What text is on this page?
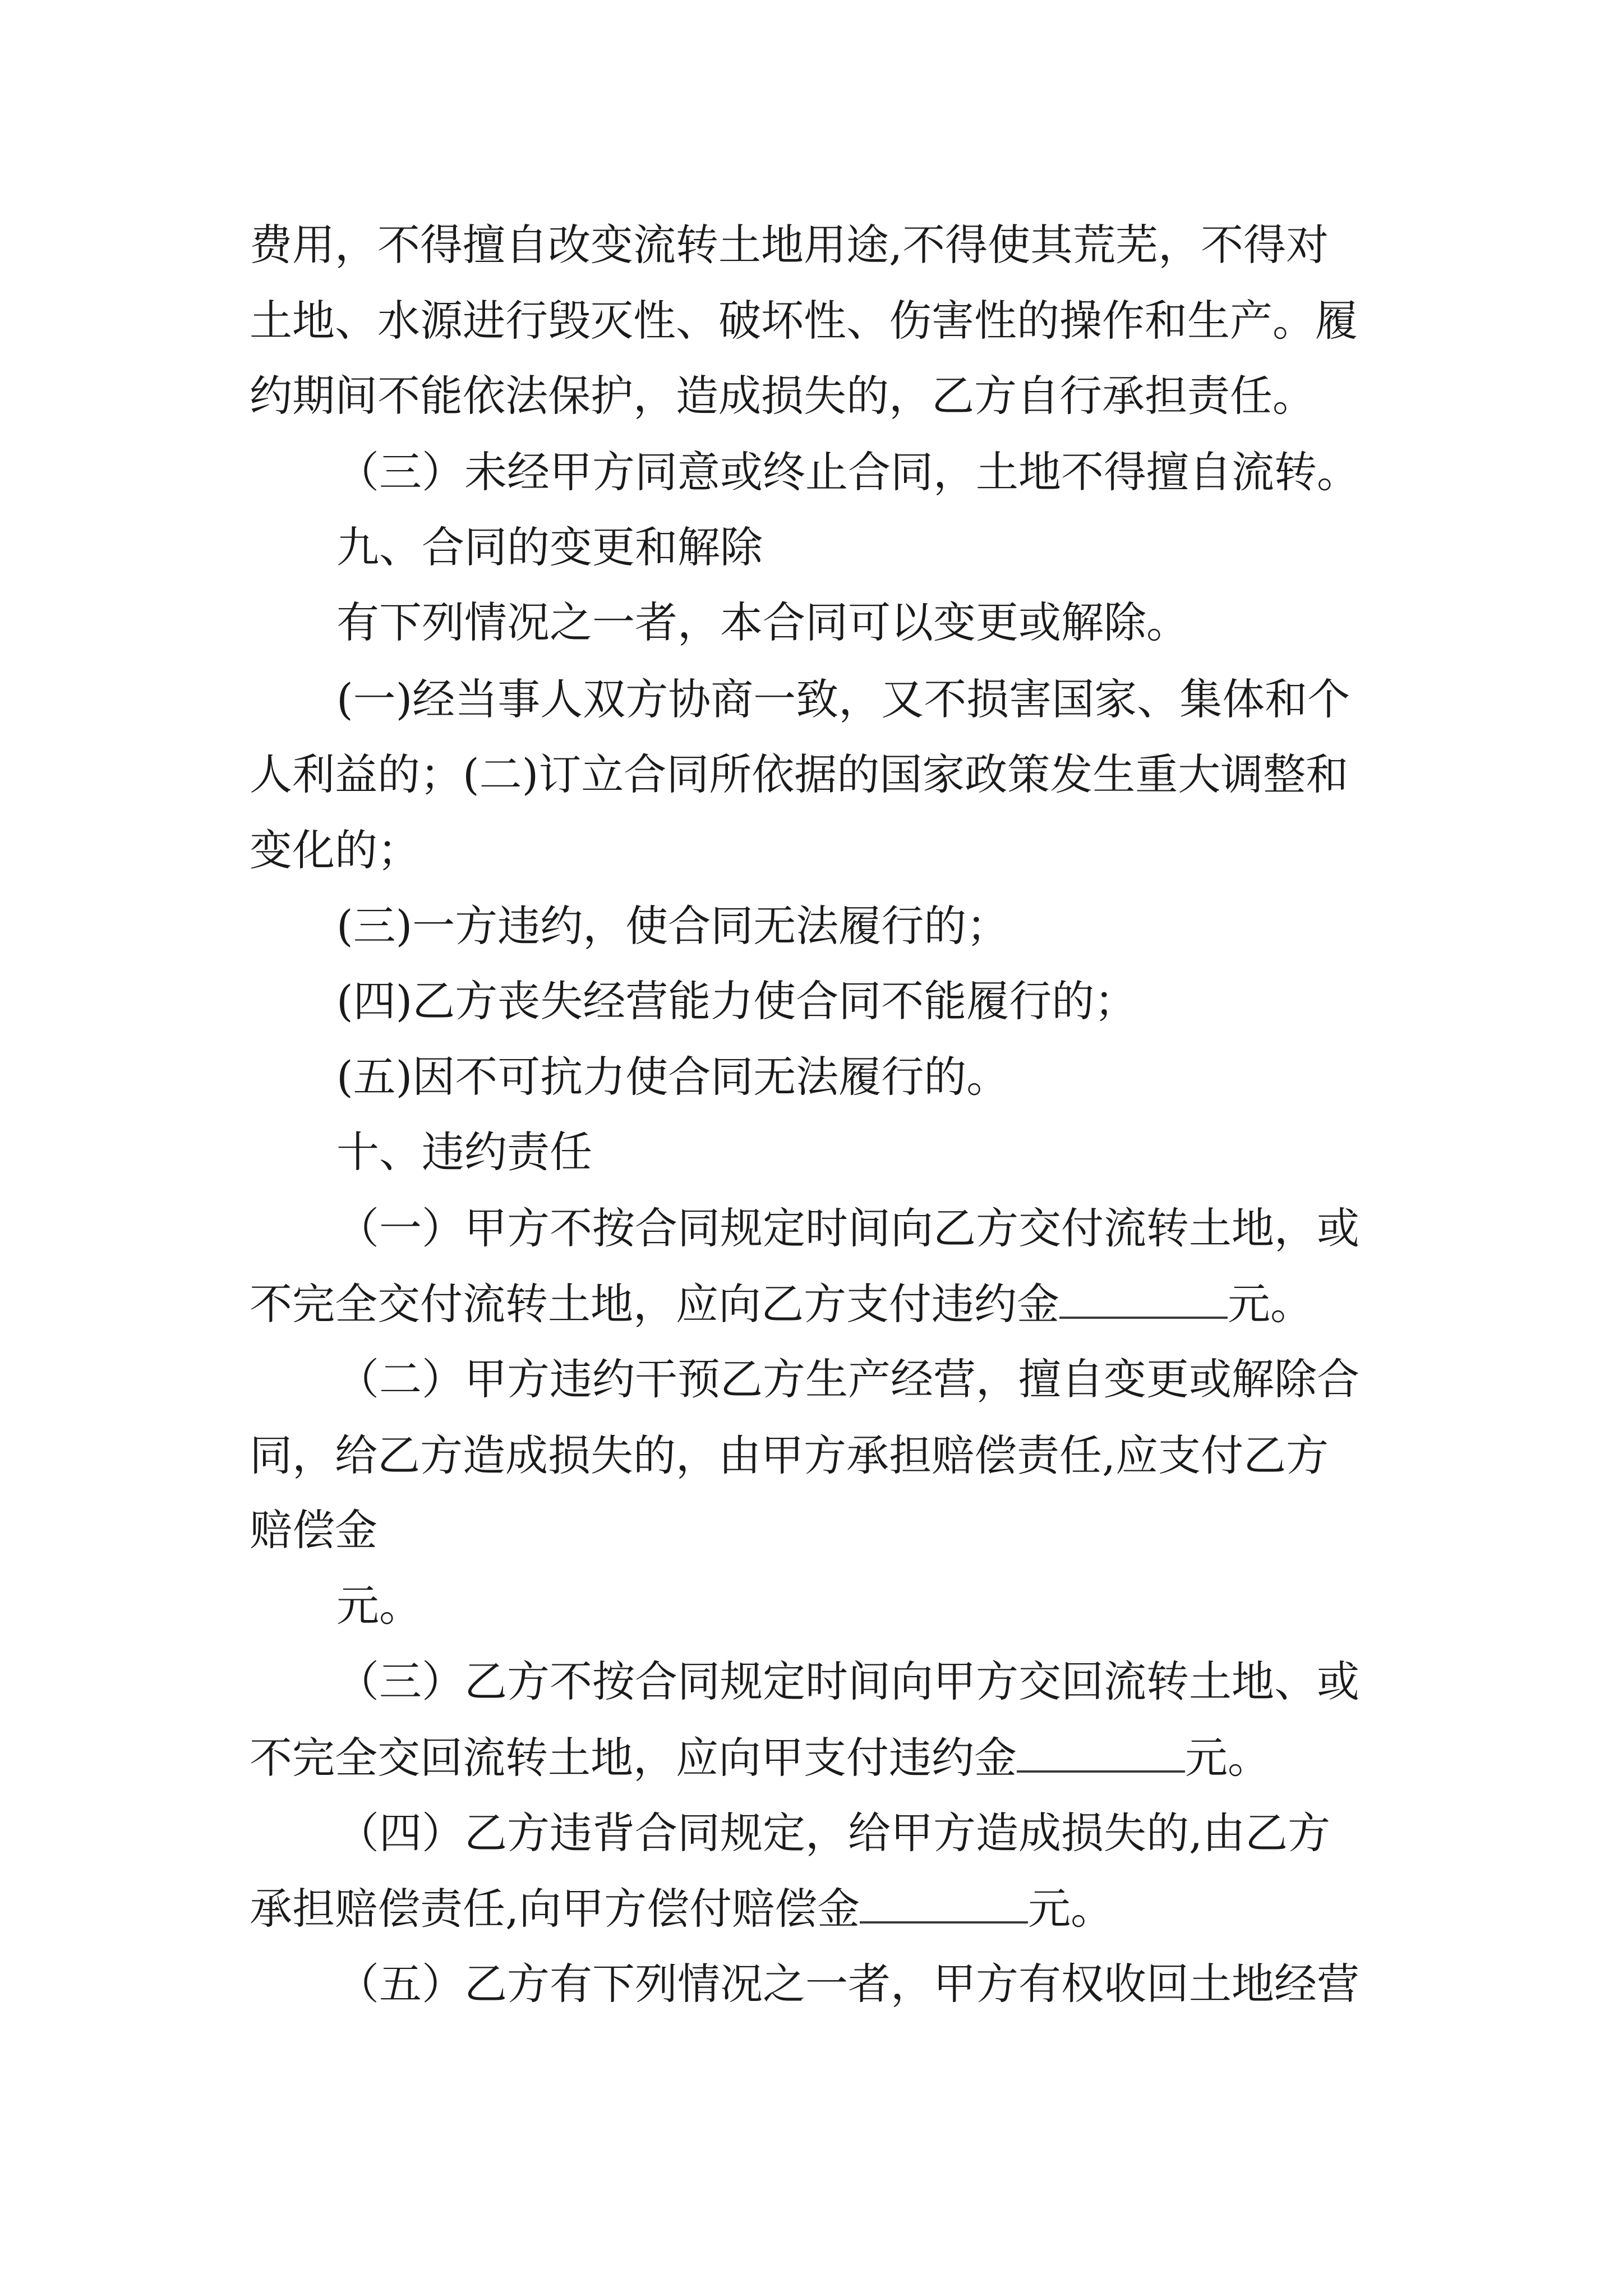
费用，不得擅自改变流转土地用途,不得使其荒芜，不得对
土地、水源进行毁灭性、破坏性、伤害性的操作和生产。履
约期间不能依法保护，造成损失的，乙方自行承担责任。
（三）未经甲方同意或终止合同，土地不得擅自流转。
九、合同的变更和解除
有下列情况之一者，本合同可以变更或解除。
(一)经当事人双方协商一致，又不损害国家、集体和个
人利益的；(二)订立合同所依据的国家政策发生重大调整和
变化的；
(三)一方违约，使合同无法履行的；
(四)乙方丧失经营能力使合同不能履行的；
(五)因不可抗力使合同无法履行的。
十、违约责任
（一）甲方不按合同规定时间向乙方交付流转土地，或
不完全交付流转土地，应向乙方支付违约金	元。
（二）甲方违约干预乙方生产经营，擅自变更或解除合
同，给乙方造成损失的，由甲方承担赔偿责任,应支付乙方
赔偿金
元。
（三）乙方不按合同规定时间向甲方交回流转土地、或
不完全交回流转土地，应向甲支付违约金	元。
（四）乙方违背合同规定，给甲方造成损失的,由乙方
承担赔偿责任,向甲方偿付赔偿金	元。
（五）乙方有下列情况之一者，甲方有权收回土地经营
